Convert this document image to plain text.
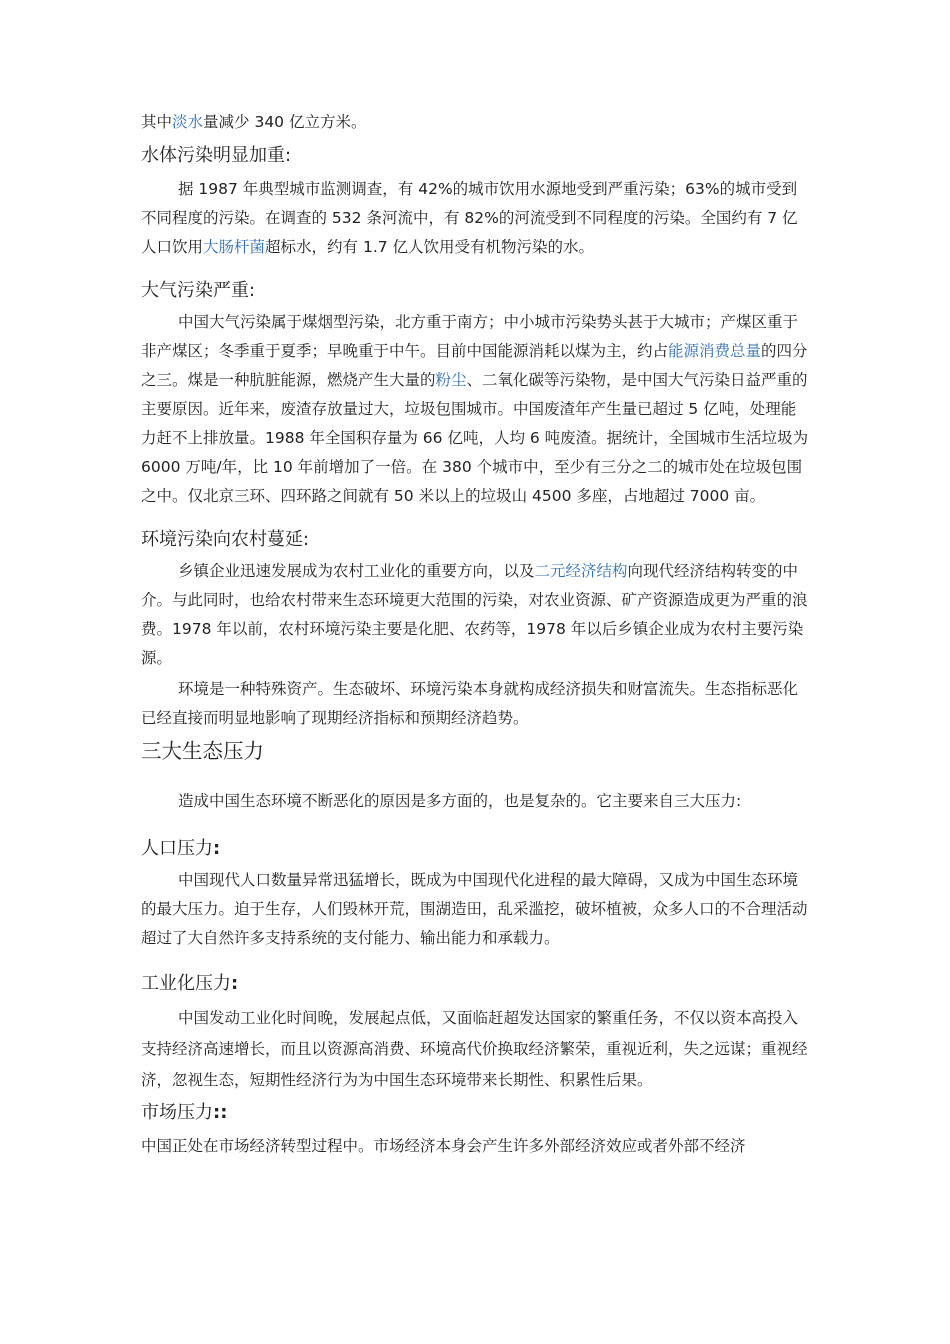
其中淡水量减少 340 亿立方米。

水体污染明显加重:

据 1987 年典型城市监测调查，有 42%的城市饮用水源地受到严重污染；63%的城市受到不同程度的污染。在调查的 532 条河流中，有 82%的河流受到不同程度的污染。全国约有 7 亿人口饮用大肠杆菌超标水，约有 1.7 亿人饮用受有机物污染的水。

大气污染严重:

中国大气污染属于煤烟型污染，北方重于南方；中小城市污染势头甚于大城市；产煤区重于非产煤区；冬季重于夏季；早晚重于中午。目前中国能源消耗以煤为主，约占能源消费总量的四分之三。煤是一种肮脏能源，燃烧产生大量的粉尘、二氧化碳等污染物，是中国大气污染日益严重的主要原因。近年来，废渣存放量过大，垃圾包围城市。中国废渣年产生量已超过 5 亿吨，处理能力赶不上排放量。1988 年全国积存量为 66 亿吨，人均 6 吨废渣。据统计，全国城市生活垃圾为 6000 万吨/年，比 10 年前增加了一倍。在 380 个城市中，至少有三分之二的城市处在垃圾包围之中。仅北京三环、四环路之间就有 50 米以上的垃圾山 4500 多座，占地超过 7000 亩。

环境污染向农村蔓延:

乡镇企业迅速发展成为农村工业化的重要方向，以及二元经济结构向现代经济结构转变的中介。与此同时，也给农村带来生态环境更大范围的污染，对农业资源、矿产资源造成更为严重的浪费。1978 年以前，农村环境污染主要是化肥、农药等，1978 年以后乡镇企业成为农村主要污染源。

环境是一种特殊资产。生态破坏、环境污染本身就构成经济损失和财富流失。生态指标恶化已经直接而明显地影响了现期经济指标和预期经济趋势。

三大生态压力

造成中国生态环境不断恶化的原因是多方面的，也是复杂的。它主要来自三大压力:

人口压力:

中国现代人口数量异常迅猛增长，既成为中国现代化进程的最大障碍，又成为中国生态环境的最大压力。迫于生存，人们毁林开荒，围湖造田，乱采滥挖，破坏植被，众多人口的不合理活动超过了大自然许多支持系统的支付能力、输出能力和承载力。

工业化压力:

中国发动工业化时间晚，发展起点低，又面临赶超发达国家的繁重任务，不仅以资本高投入支持经济高速增长，而且以资源高消费、环境高代价换取经济繁荣，重视近利，失之远谋；重视经济，忽视生态，短期性经济行为为中国生态环境带来长期性、积累性后果。

市场压力::

中国正处在市场经济转型过程中。市场经济本身会产生许多外部经济效应或者外部不经济
